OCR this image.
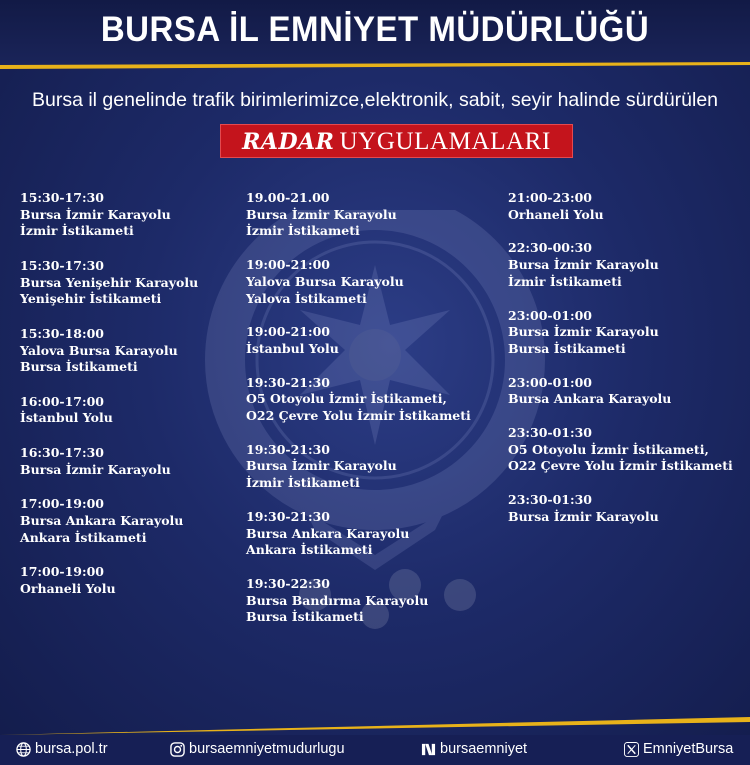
BURSA İL EMNİYET MÜDÜRLÜĞÜ
Bursa il genelinde trafik birimlerimizce,elektronik, sabit, seyir halinde sürdürülen
RADAR UYGULAMALARI
15:30-17:30
Bursa İzmir Karayolu
İzmir İstikameti
15:30-17:30
Bursa Yenişehir Karayolu
Yenişehir İstikameti
15:30-18:00
Yalova Bursa Karayolu
Bursa İstikameti
16:00-17:00
İstanbul Yolu
16:30-17:30
Bursa İzmir Karayolu
17:00-19:00
Bursa Ankara Karayolu
Ankara İstikameti
17:00-19:00
Orhaneli Yolu
19.00-21.00
Bursa İzmir Karayolu
İzmir İstikameti
19:00-21:00
Yalova Bursa Karayolu
Yalova İstikameti
19:00-21:00
İstanbul Yolu
19:30-21:30
O5 Otoyolu İzmir İstikameti,
O22 Çevre Yolu İzmir İstikameti
19:30-21:30
Bursa İzmir Karayolu
İzmir İstikameti
19:30-21:30
Bursa Ankara Karayolu
Ankara İstikameti
19:30-22:30
Bursa Bandırma Karayolu
Bursa İstikameti
21:00-23:00
Orhaneli Yolu
22:30-00:30
Bursa İzmir Karayolu
İzmir İstikameti
23:00-01:00
Bursa İzmir Karayolu
Bursa İstikameti
23:00-01:00
Bursa Ankara Karayolu
23:30-01:30
O5 Otoyolu İzmir İstikameti,
O22 Çevre Yolu İzmir İstikameti
23:30-01:30
Bursa İzmir Karayolu
bursa.pol.tr	bursaemniyetmudurlugu	bursaemniyet	EmniyetBursa
